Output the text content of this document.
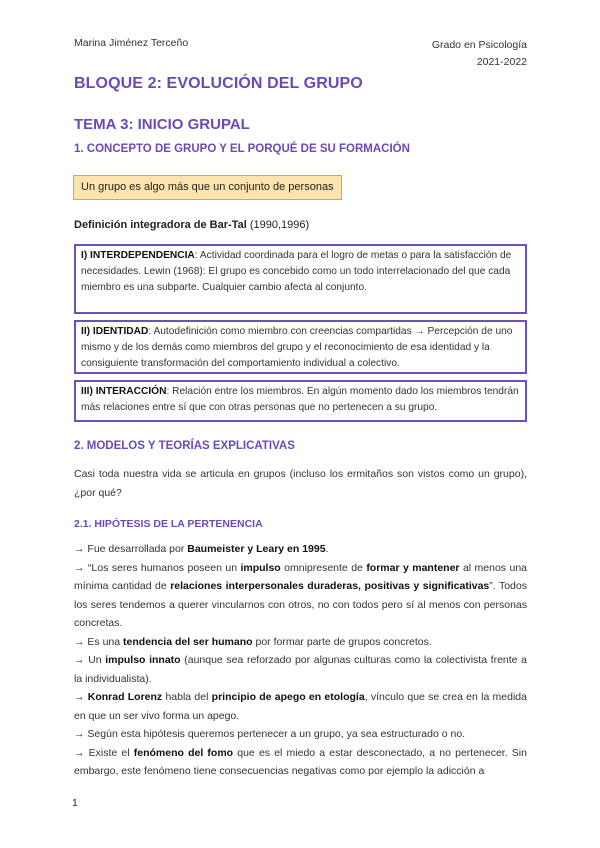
Marina Jiménez Terceño	Grado en Psicología
2021-2022
BLOQUE 2: EVOLUCIÓN DEL GRUPO
TEMA 3: INICIO GRUPAL
1. CONCEPTO DE GRUPO Y EL PORQUÉ DE SU FORMACIÓN
Un grupo es algo más que un conjunto de personas
Definición integradora de Bar-Tal (1990,1996)
I) INTERDEPENDENCIA: Actividad coordinada para el logro de metas o para la satisfacción de necesidades. Lewin (1968): El grupo es concebido como un todo interrelacionado del que cada miembro es una subparte. Cualquier cambio afecta al conjunto.
II) IDENTIDAD: Autodefinición como miembro con creencias compartidas → Percepción de uno mismo y de los demás como miembros del grupo y el reconocimiento de esa identidad y la consiguiente transformación del comportamiento individual a colectivo.
III) INTERACCIÓN: Relación entre los miembros. En algún momento dado los miembros tendrán más relaciones entre sí que con otras personas que no pertenecen a su grupo.
2. MODELOS Y TEORÍAS EXPLICATIVAS
Casi toda nuestra vida se articula en grupos (incluso los ermitaños son vistos como un grupo), ¿por qué?
2.1. HIPÓTESIS DE LA PERTENENCIA

→ Fue desarrollada por Baumeister y Leary en 1995.

→ “Los seres humanos poseen un impulso omnipresente de formar y mantener al menos una mínima cantidad de relaciones interpersonales duraderas, positivas y significativas”. Todos los seres tendemos a querer vincularnos con otros, no con todos pero sí al menos con personas concretas.

→ Es una tendencia del ser humano por formar parte de grupos concretos.

→ Un impulso innato (aunque sea reforzado por algunas culturas como la colectivista frente a la individualista).

→ Konrad Lorenz habla del principio de apego en etología, vínculo que se crea en la medida en que un ser vivo forma un apego.

→ Según esta hipótesis queremos pertenecer a un grupo, ya sea estructurado o no.

→ Existe el fenómeno del fomo que es el miedo a estar desconectado, a no pertenecer. Sin embargo, este fenómeno tiene consecuencias negativas como por ejemplo la adicción a

1
